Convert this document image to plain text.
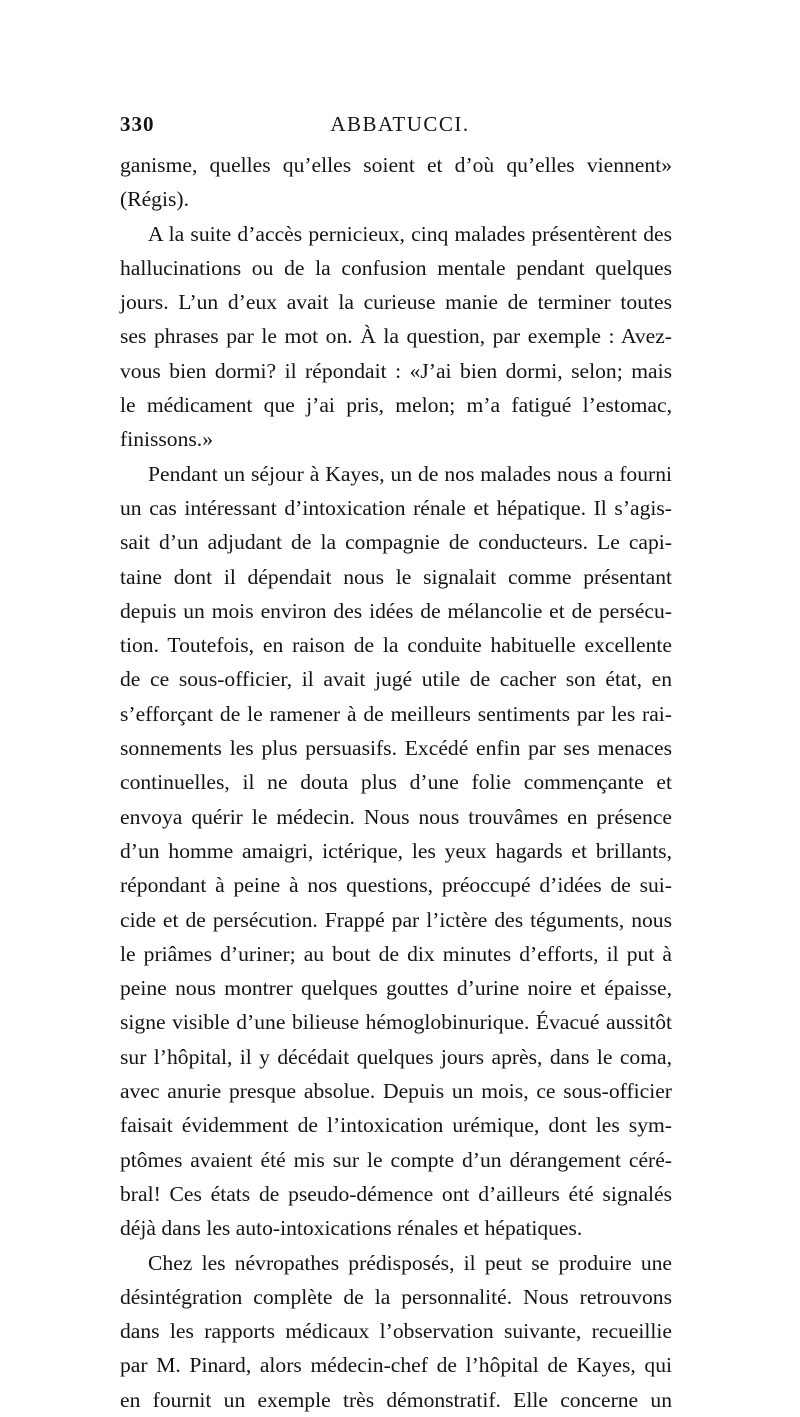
330	ABBATUCCI.
ganisme, quelles qu’elles soient et d’où qu’elles viennent»
(Régis).
A la suite d’accès pernicieux, cinq malades présentèrent des
hallucinations ou de la confusion mentale pendant quelques
jours. L’un d’eux avait la curieuse manie de terminer toutes
ses phrases par le mot on. À la question, par exemple : Avez-
vous bien dormi? il répondait : «J’ai bien dormi, selon; mais
le médicament que j’ai pris, melon; m’a fatigué l’estomac,
finissons.»
Pendant un séjour à Kayes, un de nos malades nous a fourni
un cas intéressant d’intoxication rénale et hépatique. Il s’agis-
sait d’un adjudant de la compagnie de conducteurs. Le capi-
taine dont il dépendait nous le signalait comme présentant
depuis un mois environ des idées de mélancolie et de persécu-
tion. Toutefois, en raison de la conduite habituelle excellente
de ce sous-officier, il avait jugé utile de cacher son état, en
s’efforçant de le ramener à de meilleurs sentiments par les rai-
sonnements les plus persuasifs. Excédé enfin par ses menaces
continuelles, il ne douta plus d’une folie commençante et
envoya quérir le médecin. Nous nous trouvâmes en présence
d’un homme amaigri, ictérique, les yeux hagards et brillants,
répondant à peine à nos questions, préoccupé d’idées de sui-
cide et de persécution. Frappé par l’ictère des téguments, nous
le priâmes d’uriner; au bout de dix minutes d’efforts, il put à
peine nous montrer quelques gouttes d’urine noire et épaisse,
signe visible d’une bilieuse hémoglobinurique. Évacué aussitôt
sur l’hôpital, il y décédait quelques jours après, dans le coma,
avec anurie presque absolue. Depuis un mois, ce sous-officier
faisait évidemment de l’intoxication urémique, dont les sym-
ptômes avaient été mis sur le compte d’un dérangement céré-
bral! Ces états de pseudo-démence ont d’ailleurs été signalés
déjà dans les auto-intoxications rénales et hépatiques.
Chez les névropathes prédisposés, il peut se produire une
désintégration complète de la personnalité. Nous retrouvons
dans les rapports médicaux l’observation suivante, recueillie
par M. Pinard, alors médecin-chef de l’hôpital de Kayes, qui
en fournit un exemple très démonstratif. Elle concerne un
